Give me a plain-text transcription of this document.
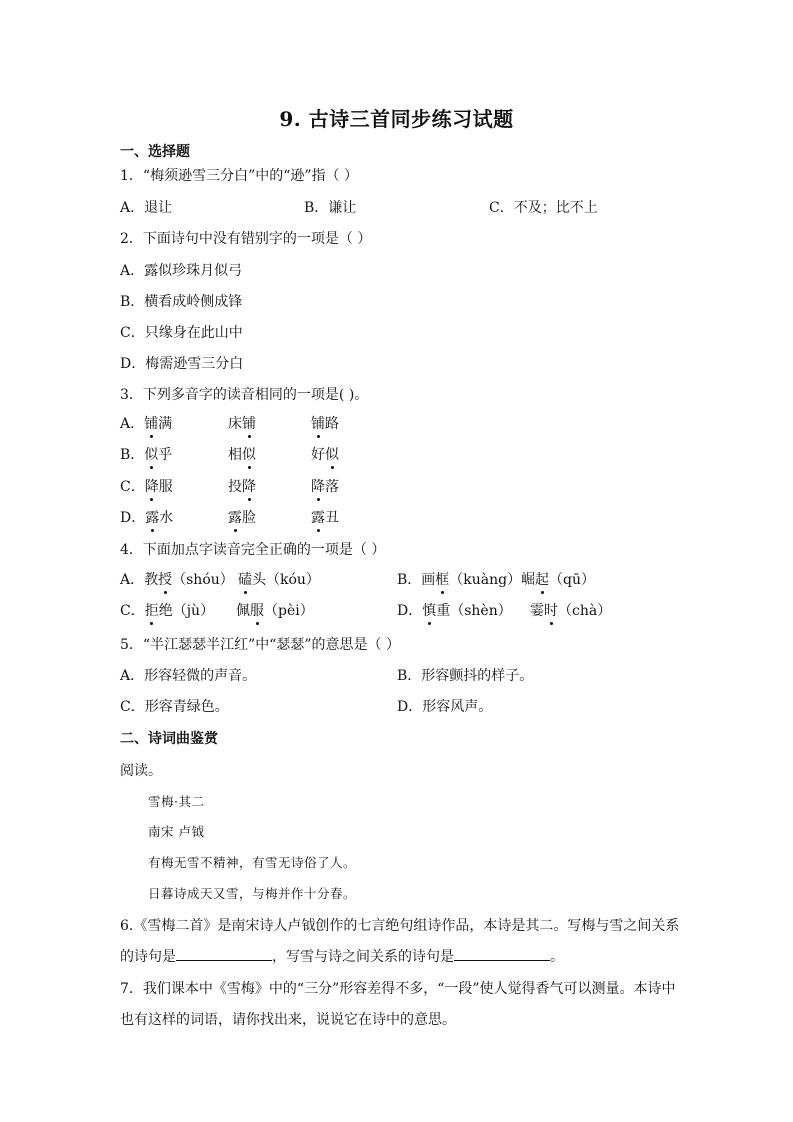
9. 古诗三首同步练习试题
一、选择题
1．“梅须逊雪三分白”中的“逊”指（ ）
A．退让	B．谦让	C．不及；比不上
2．下面诗句中没有错别字的一项是（ ）
A．露似珍珠月似弓
B．横看成岭侧成锋
C．只缘身在此山中
D．梅需逊雪三分白
3．下列多音字的读音相同的一项是( )。
A．铺满	床铺	铺路
B．似乎	相似	好似
C．降服	投降	降落
D．露水	露脸	露丑
4．下面加点字读音完全正确的一项是（ ）
A．教授（shóu） 磕头（kóu）	B．画框（kuàng） 崛起（qū）
C．拒绝（jù） 佩服（pèi）	D．慎重（shèn） 霎时（chà）
5．“半江瑟瑟半江红”中“瑟瑟”的意思是（ ）
A．形容轻微的声音。	B．形容颤抖的样子。
C．形容青绿色。	D．形容风声。
二、诗词曲鉴赏
阅读。
雪梅·其二
南宋 卢钺
有梅无雪不精神，有雪无诗俗了人。
日暮诗成天又雪，与梅并作十分春。
6.《雪梅二首》是南宋诗人卢钺创作的七言绝句组诗作品，本诗是其二。写梅与雪之间关系
的诗句是	，写雪与诗之间关系的诗句是	。
7．我们课本中《雪梅》中的“三分”形容差得不多，“一段”使人觉得香气可以测量。本诗中
也有这样的词语，请你找出来，说说它在诗中的意思。
